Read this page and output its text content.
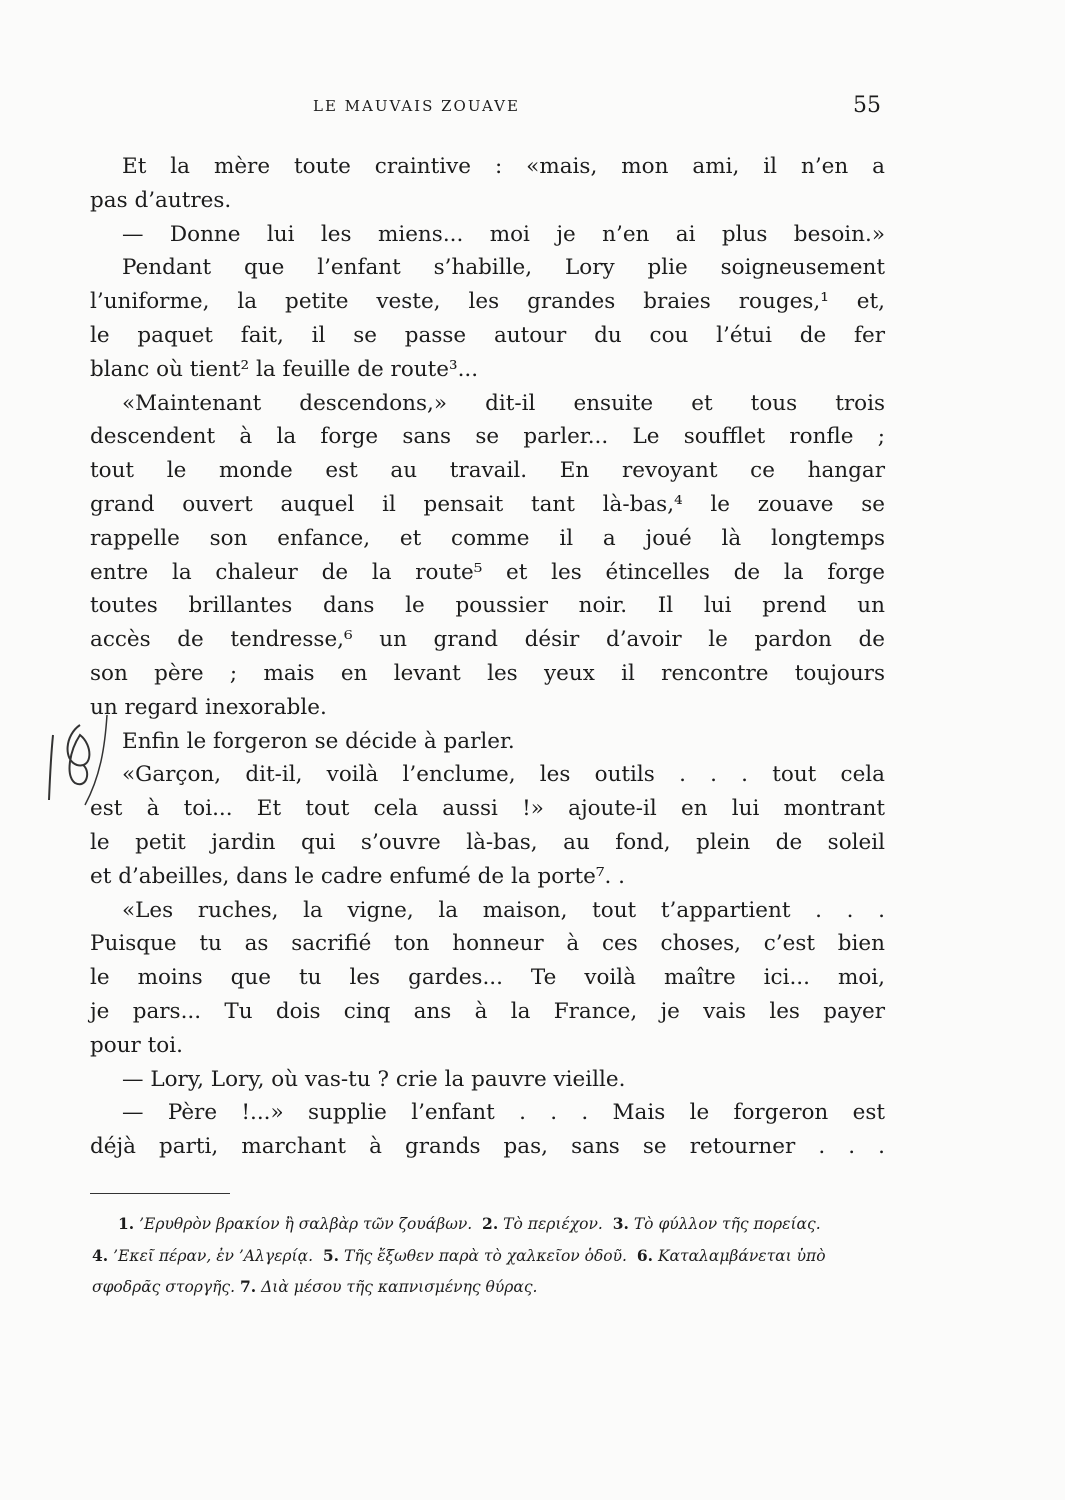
LE MAUVAIS ZOUAVE	55
Et la mère toute craintive : «mais, mon ami, il n’en a
pas d’autres.
— Donne lui les miens... moi je n’en ai plus besoin.»
Pendant que l’enfant s’habille, Lory plie soigneusement
l’uniforme, la petite veste, les grandes braies rouges,¹ et,
le paquet fait, il se passe autour du cou l’étui de fer
blanc où tient² la feuille de route³...
«Maintenant descendons,» dit-il ensuite et tous trois
descendent à la forge sans se parler... Le soufflet ronfle ;
tout le monde est au travail. En revoyant ce hangar
grand ouvert auquel il pensait tant là-bas,⁴ le zouave se
rappelle son enfance, et comme il a joué là longtemps
entre la chaleur de la route⁵ et les étincelles de la forge
toutes brillantes dans le poussier noir. Il lui prend un
accès de tendresse,⁶ un grand désir d’avoir le pardon de
son père ; mais en levant les yeux il rencontre toujours
un regard inexorable.
Enfin le forgeron se décide à parler.
«Garçon, dit-il, voilà l’enclume, les outils . . . tout cela
est à toi... Et tout cela aussi !» ajoute-il en lui montrant
le petit jardin qui s’ouvre là-bas, au fond, plein de soleil
et d’abeilles, dans le cadre enfumé de la porte⁷. .
«Les ruches, la vigne, la maison, tout t’appartient . . .
Puisque tu as sacrifié ton honneur à ces choses, c’est bien
le moins que tu les gardes... Te voilà maître ici... moi,
je pars... Tu dois cinq ans à la France, je vais les payer
pour toi.
— Lory, Lory, où vas-tu ? crie la pauvre vieille.
— Père !...» supplie l’enfant . . . Mais le forgeron est
déjà parti, marchant à grands pas, sans se retourner . . .
1. ’Ερυθρὸν βρακίον ἢ σαλβὰρ τῶν ζουάβων. 2. Τὸ περιέχον. 3. Τὸ φύλλον τῆς πορείας.
4. ’Εκεῖ πέραν, ἐν ’Αλγερίᾳ. 5. Τῆς ἔξωθεν παρὰ τὸ χαλκεῖον ὁδοῦ. 6. Καταλαμβάνεται ὑπὸ
σφοδρᾶς στοργῆς. 7. Διὰ μέσου τῆς καπνισμένης θύρας.
